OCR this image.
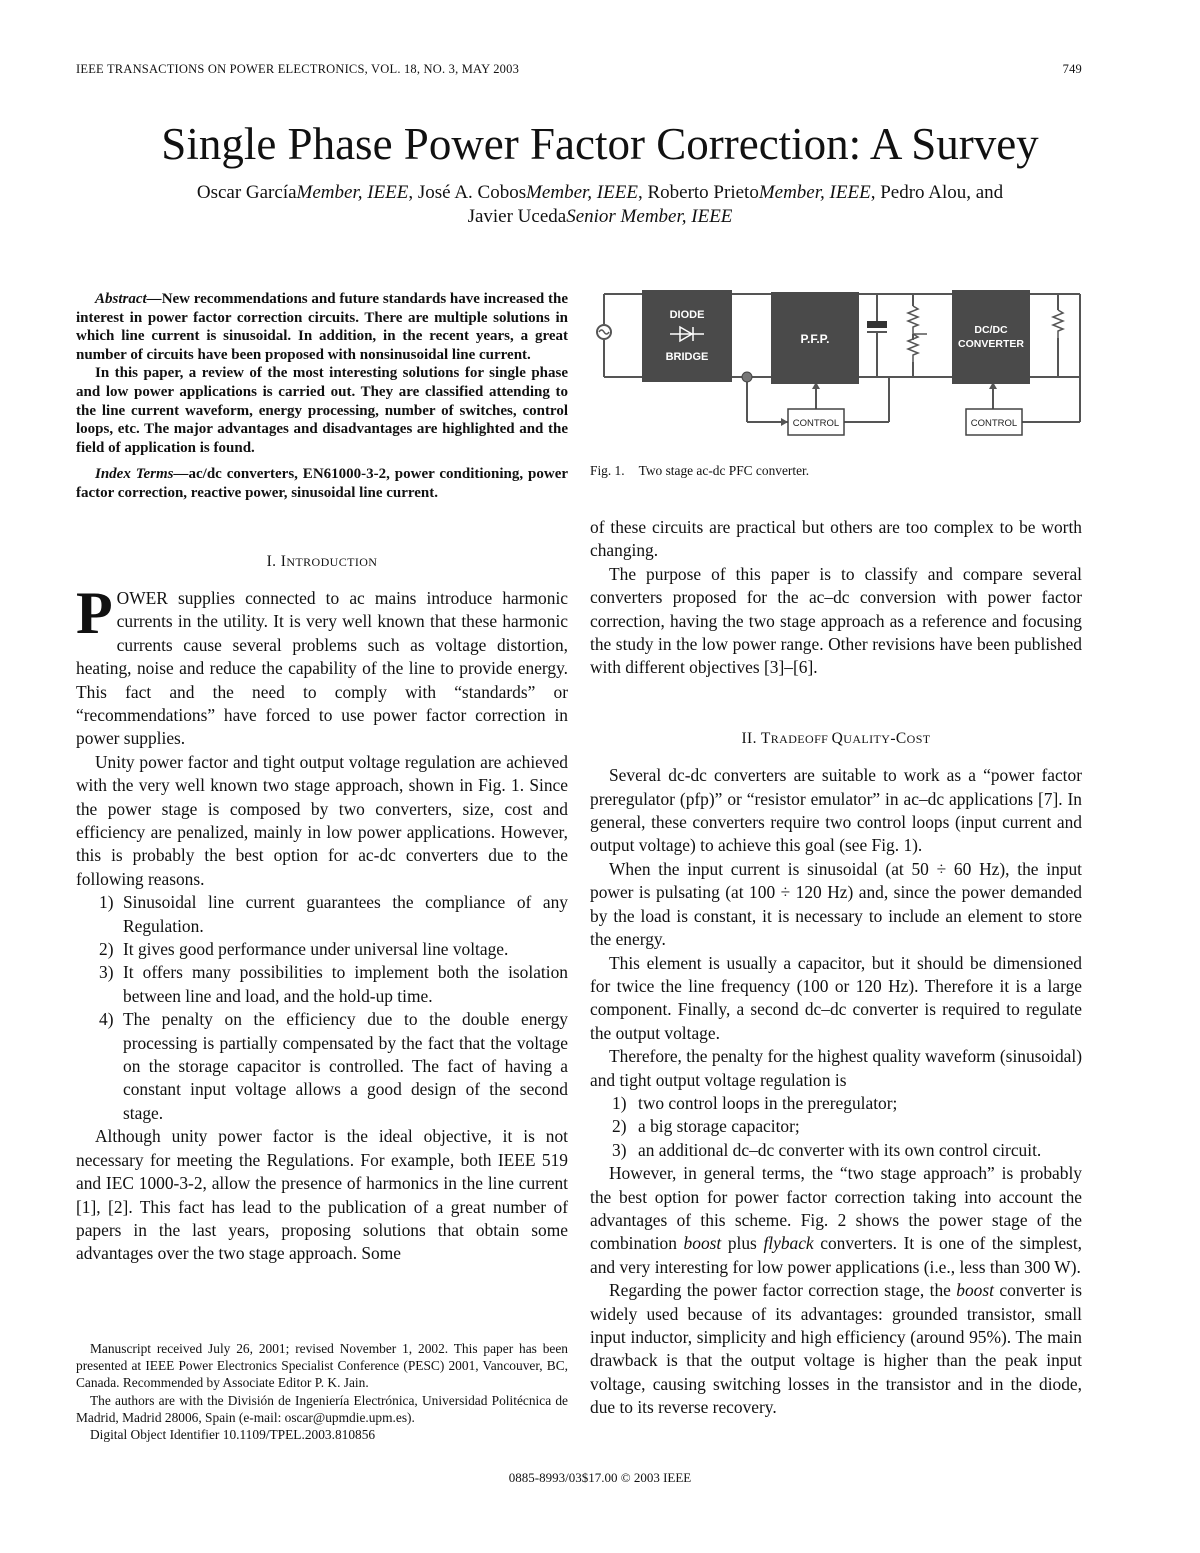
IEEE TRANSACTIONS ON POWER ELECTRONICS, VOL. 18, NO. 3, MAY 2003	749
Single Phase Power Factor Correction: A Survey
Oscar GarcíaMember, IEEE, José A. CobosMember, IEEE, Roberto PrietoMember, IEEE, Pedro Alou, and
Javier UcedaSenior Member, IEEE

Abstract—New recommendations and future standards have increased the interest in power factor correction circuits. There are multiple solutions in which line current is sinusoidal. In addition, in the recent years, a great number of circuits have been proposed with nonsinusoidal line current.

In this paper, a review of the most interesting solutions for single phase and low power applications is carried out. They are classified attending to the line current waveform, energy processing, number of switches, control loops, etc. The major advantages and disadvantages are highlighted and the field of application is found.

Index Terms—ac/dc converters, EN61000-3-2, power conditioning, power factor correction, reactive power, sinusoidal line current.

I. INTRODUCTION

POWER supplies connected to ac mains introduce harmonic currents in the utility. It is very well known that these harmonic currents cause several problems such as voltage distortion, heating, noise and reduce the capability of the line to provide energy. This fact and the need to comply with “standards” or “recommendations” have forced to use power factor correction in power supplies.

Unity power factor and tight output voltage regulation are achieved with the very well known two stage approach, shown in Fig. 1. Since the power stage is composed by two converters, size, cost and efficiency are penalized, mainly in low power applications. However, this is probably the best option for ac-dc converters due to the following reasons.

1) Sinusoidal line current guarantees the compliance of any Regulation.
2) It gives good performance under universal line voltage.
3) It offers many possibilities to implement both the isolation between line and load, and the hold-up time.
4) The penalty on the efficiency due to the double energy processing is partially compensated by the fact that the voltage on the storage capacitor is controlled. The fact of having a constant input voltage allows a good design of the second stage.

Although unity power factor is the ideal objective, it is not necessary for meeting the Regulations. For example, both IEEE 519 and IEC 1000-3-2, allow the presence of harmonics in the line current [1], [2]. This fact has lead to the publication of a great number of papers in the last years, proposing solutions that obtain some advantages over the two stage approach. Some

Manuscript received July 26, 2001; revised November 1, 2002. This paper has been presented at IEEE Power Electronics Specialist Conference (PESC) 2001, Vancouver, BC, Canada. Recommended by Associate Editor P. K. Jain.

The authors are with the División de Ingeniería Electrónica, Universidad Politécnica de Madrid, Madrid 28006, Spain (e-mail: oscar@upmdie.upm.es).

Digital Object Identifier 10.1109/TPEL.2003.810856

DIODE
BRIDGE
P.F.P.
DC/DC
CONVERTER
CONTROL	CONTROL
Fig. 1. Two stage ac-dc PFC converter.

of these circuits are practical but others are too complex to be worth changing.

The purpose of this paper is to classify and compare several converters proposed for the ac–dc conversion with power factor correction, having the two stage approach as a reference and focusing the study in the low power range. Other revisions have been published with different objectives [3]–[6].

II. TRADEOFF QUALITY-COST

Several dc-dc converters are suitable to work as a “power factor preregulator (pfp)” or “resistor emulator” in ac–dc applications [7]. In general, these converters require two control loops (input current and output voltage) to achieve this goal (see Fig. 1).

When the input current is sinusoidal (at 50 ÷ 60 Hz), the input power is pulsating (at 100 ÷ 120 Hz) and, since the power demanded by the load is constant, it is necessary to include an element to store the energy.

This element is usually a capacitor, but it should be dimensioned for twice the line frequency (100 or 120 Hz). Therefore it is a large component. Finally, a second dc–dc converter is required to regulate the output voltage.

Therefore, the penalty for the highest quality waveform (sinusoidal) and tight output voltage regulation is

1) two control loops in the preregulator;
2) a big storage capacitor;
3) an additional dc–dc converter with its own control circuit.

However, in general terms, the “two stage approach” is probably the best option for power factor correction taking into account the advantages of this scheme. Fig. 2 shows the power stage of the combination boost plus flyback converters. It is one of the simplest, and very interesting for low power applications (i.e., less than 300 W).

Regarding the power factor correction stage, the boost converter is widely used because of its advantages: grounded transistor, small input inductor, simplicity and high efficiency (around 95%). The main drawback is that the output voltage is higher than the peak input voltage, causing switching losses in the transistor and in the diode, due to its reverse recovery.

0885-8993/03$17.00 © 2003 IEEE
